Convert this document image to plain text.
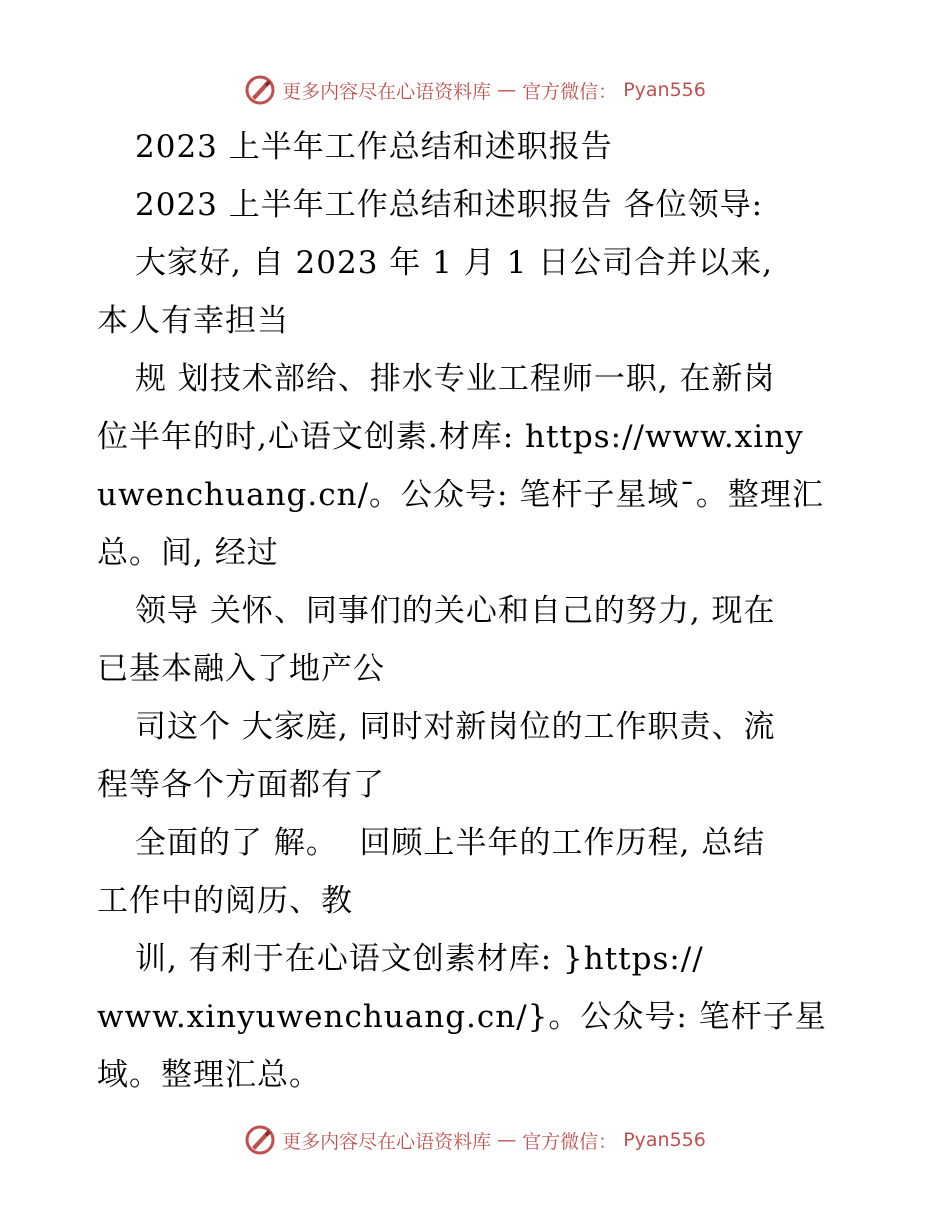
更多内容尽在心语资料库 — 官方微信： Pyan556
2023 上半年工作总结和述职报告
2023 上半年工作总结和述职报告 各位领导:
大家好, 自 2023 年 1 月 1 日公司合并以来,
本人有幸担当
规 划技术部给、排水专业工程师一职, 在新岗
位半年的时,心语文创素.材库: https://www.xiny
uwenchuang.cn/。公众号: 笔杆子星域¯。整理汇
总。间, 经过
领导 关怀、同事们的关心和自己的努力, 现在
已基本融入了地产公
司这个 大家庭, 同时对新岗位的工作职责、流
程等各个方面都有了
全面的了 解。  回顾上半年的工作历程, 总结
工作中的阅历、教
训, 有利于在心语文创素材库: }https://
www.xinyuwenchuang.cn/}。公众号: 笔杆子星
域。整理汇总。
更多内容尽在心语资料库 — 官方微信： Pyan556
